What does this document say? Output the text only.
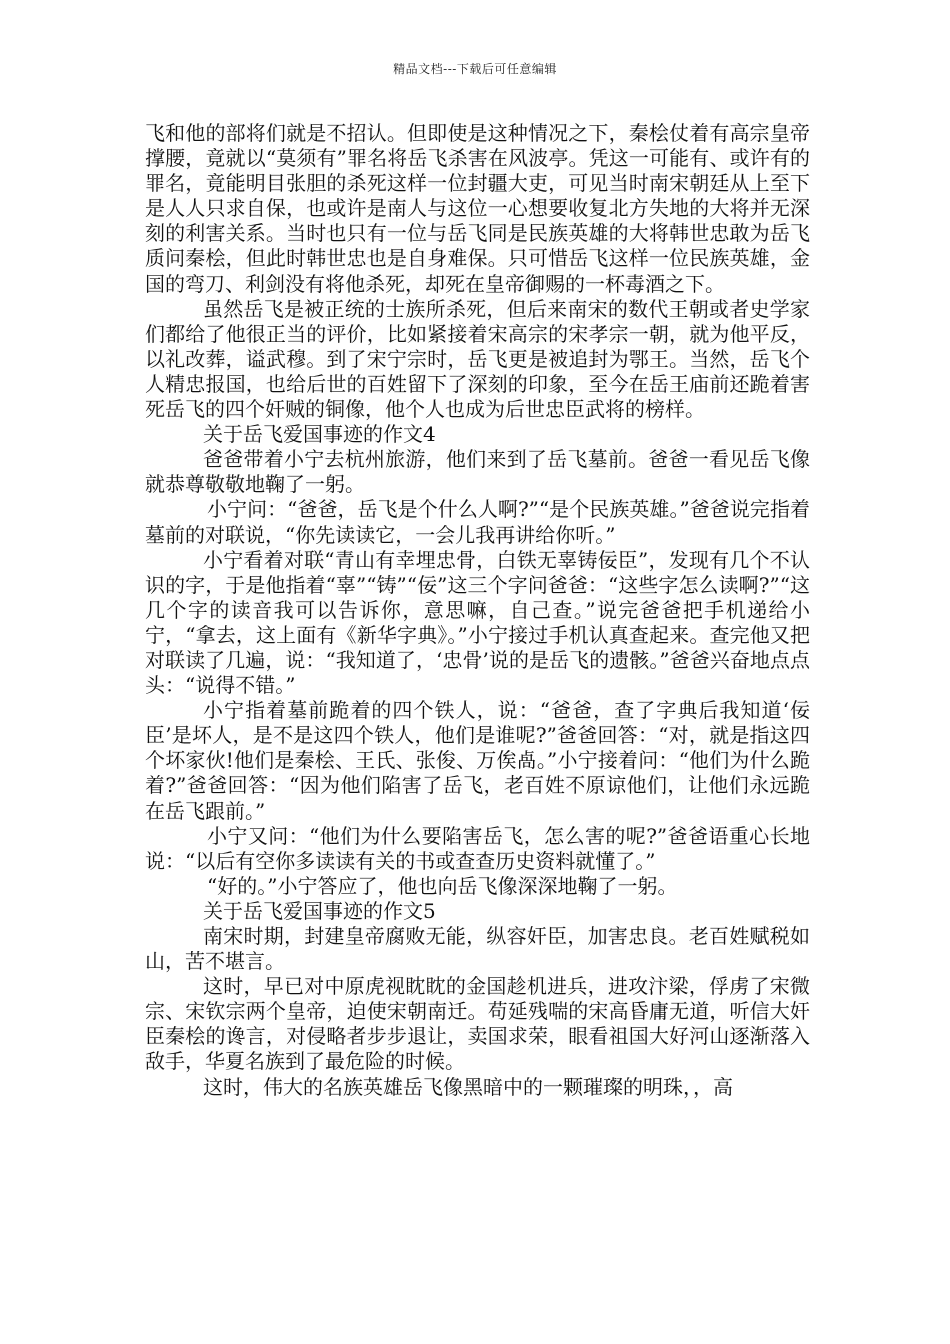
精品文档---下载后可任意编辑

飞和他的部将们就是不招认。但即使是这种情况之下，秦桧仗着有高宗皇帝撑腰，竟就以“莫须有”罪名将岳飞杀害在风波亭。凭这一可能有、或许有的罪名，竟能明目张胆的杀死这样一位封疆大吏，可见当时南宋朝廷从上至下是人人只求自保，也或许是南人与这位一心想要收复北方失地的大将并无深刻的利害关系。当时也只有一位与岳飞同是民族英雄的大将韩世忠敢为岳飞质问秦桧，但此时韩世忠也是自身难保。只可惜岳飞这样一位民族英雄，金国的弯刀、利剑没有将他杀死，却死在皇帝御赐的一杯毒酒之下。

虽然岳飞是被正统的士族所杀死，但后来南宋的数代王朝或者史学家们都给了他很正当的评价，比如紧接着宋高宗的宋孝宗一朝，就为他平反，以礼改葬，谥武穆。到了宋宁宗时，岳飞更是被追封为鄂王。当然，岳飞个人精忠报国，也给后世的百姓留下了深刻的印象，至今在岳王庙前还跪着害死岳飞的四个奸贼的铜像，他个人也成为后世忠臣武将的榜样。

关于岳飞爱国事迹的作文4

爸爸带着小宁去杭州旅游，他们来到了岳飞墓前。爸爸一看见岳飞像就恭尊敬敬地鞠了一躬。

小宁问：“爸爸，岳飞是个什么人啊?”“是个民族英雄。”爸爸说完指着墓前的对联说，“你先读读它，一会儿我再讲给你听。”

小宁看着对联“青山有幸埋忠骨，白铁无辜铸佞臣”，发现有几个不认识的字，于是他指着“辜”“铸”“佞”这三个字问爸爸：“这些字怎么读啊?”“这几个字的读音我可以告诉你，意思嘛，自己查。”说完爸爸把手机递给小宁，“拿去，这上面有《新华字典》。”小宁接过手机认真查起来。查完他又把对联读了几遍，说：“我知道了，‘忠骨’说的是岳飞的遗骸。”爸爸兴奋地点点头：“说得不错。”

小宁指着墓前跪着的四个铁人，说：“爸爸，查了字典后我知道‘佞臣’是坏人，是不是这四个铁人，他们是谁呢?”爸爸回答：“对，就是指这四个坏家伙!他们是秦桧、王氏、张俊、万俟卨。”小宁接着问：“他们为什么跪着?”爸爸回答：“因为他们陷害了岳飞，老百姓不原谅他们，让他们永远跪在岳飞跟前。”

小宁又问：“他们为什么要陷害岳飞，怎么害的呢?”爸爸语重心长地说：“以后有空你多读读有关的书或查查历史资料就懂了。”

“好的。”小宁答应了，他也向岳飞像深深地鞠了一躬。

关于岳飞爱国事迹的作文5

南宋时期，封建皇帝腐败无能，纵容奸臣，加害忠良。老百姓赋税如山，苦不堪言。

这时，早已对中原虎视眈眈的金国趁机进兵，进攻汴梁，俘虏了宋微宗、宋钦宗两个皇帝，迫使宋朝南迁。苟延残喘的宋高昏庸无道，听信大奸臣秦桧的谗言，对侵略者步步退让，卖国求荣，眼看祖国大好河山逐渐落入敌手，华夏名族到了最危险的时候。

这时，伟大的名族英雄岳飞像黑暗中的一颗璀璨的明珠，，高
